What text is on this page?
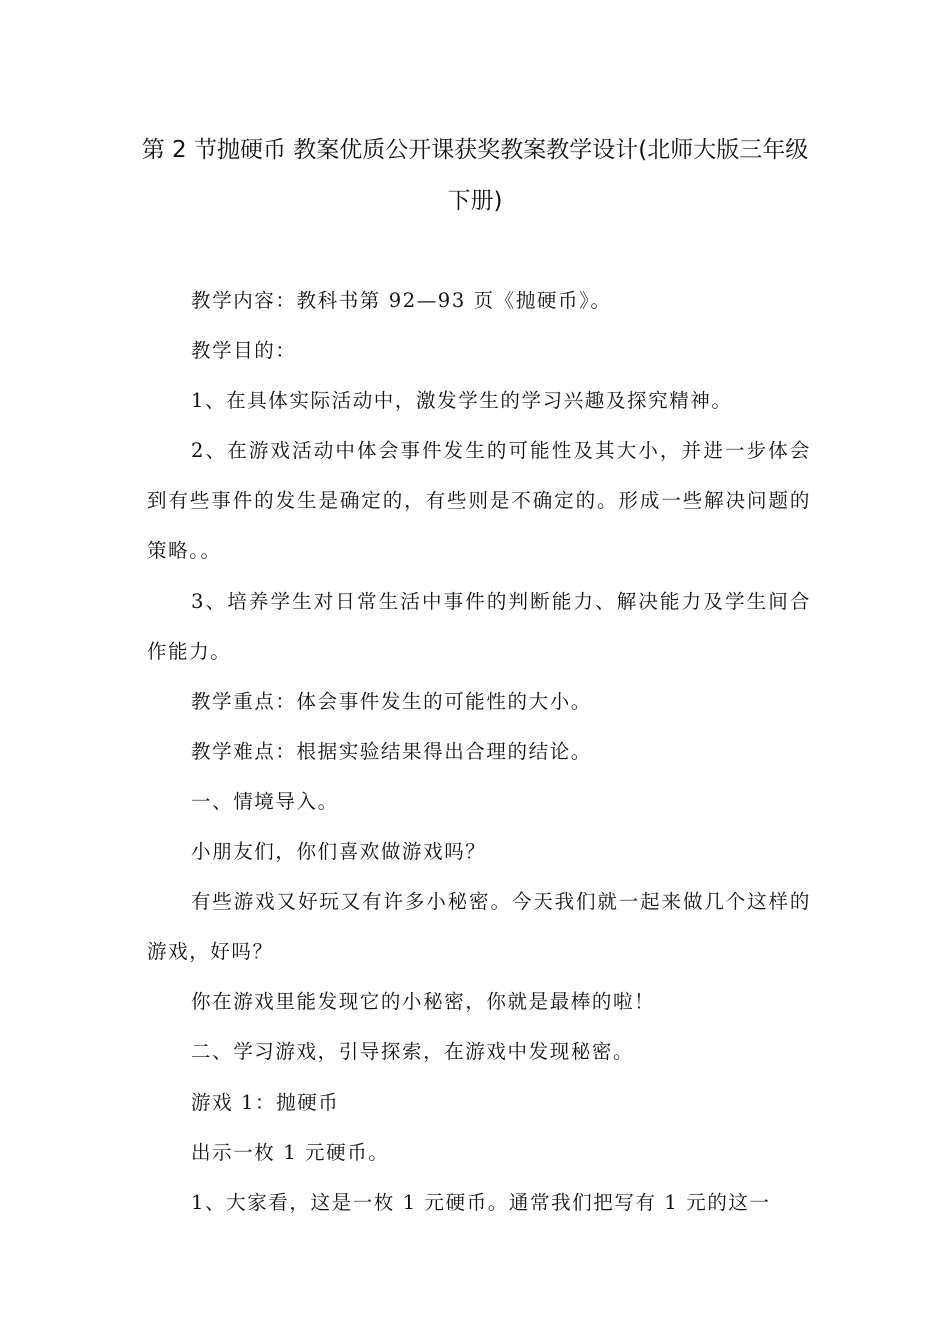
第 2 节抛硬币 教案优质公开课获奖教案教学设计(北师大版三年级
下册)

教学内容：教科书第 92—93 页《抛硬币》。

教学目的：

1、在具体实际活动中，激发学生的学习兴趣及探究精神。

2、在游戏活动中体会事件发生的可能性及其大小，并进一步体会到有些事件的发生是确定的，有些则是不确定的。形成一些解决问题的策略。。

3、培养学生对日常生活中事件的判断能力、解决能力及学生间合作能力。

教学重点：体会事件发生的可能性的大小。

教学难点：根据实验结果得出合理的结论。

一、情境导入。

小朋友们，你们喜欢做游戏吗？

有些游戏又好玩又有许多小秘密。今天我们就一起来做几个这样的游戏，好吗？

你在游戏里能发现它的小秘密，你就是最棒的啦！

二、学习游戏，引导探索，在游戏中发现秘密。

游戏 1：抛硬币

出示一枚 1 元硬币。

1、大家看，这是一枚 1 元硬币。通常我们把写有 1 元的这一
